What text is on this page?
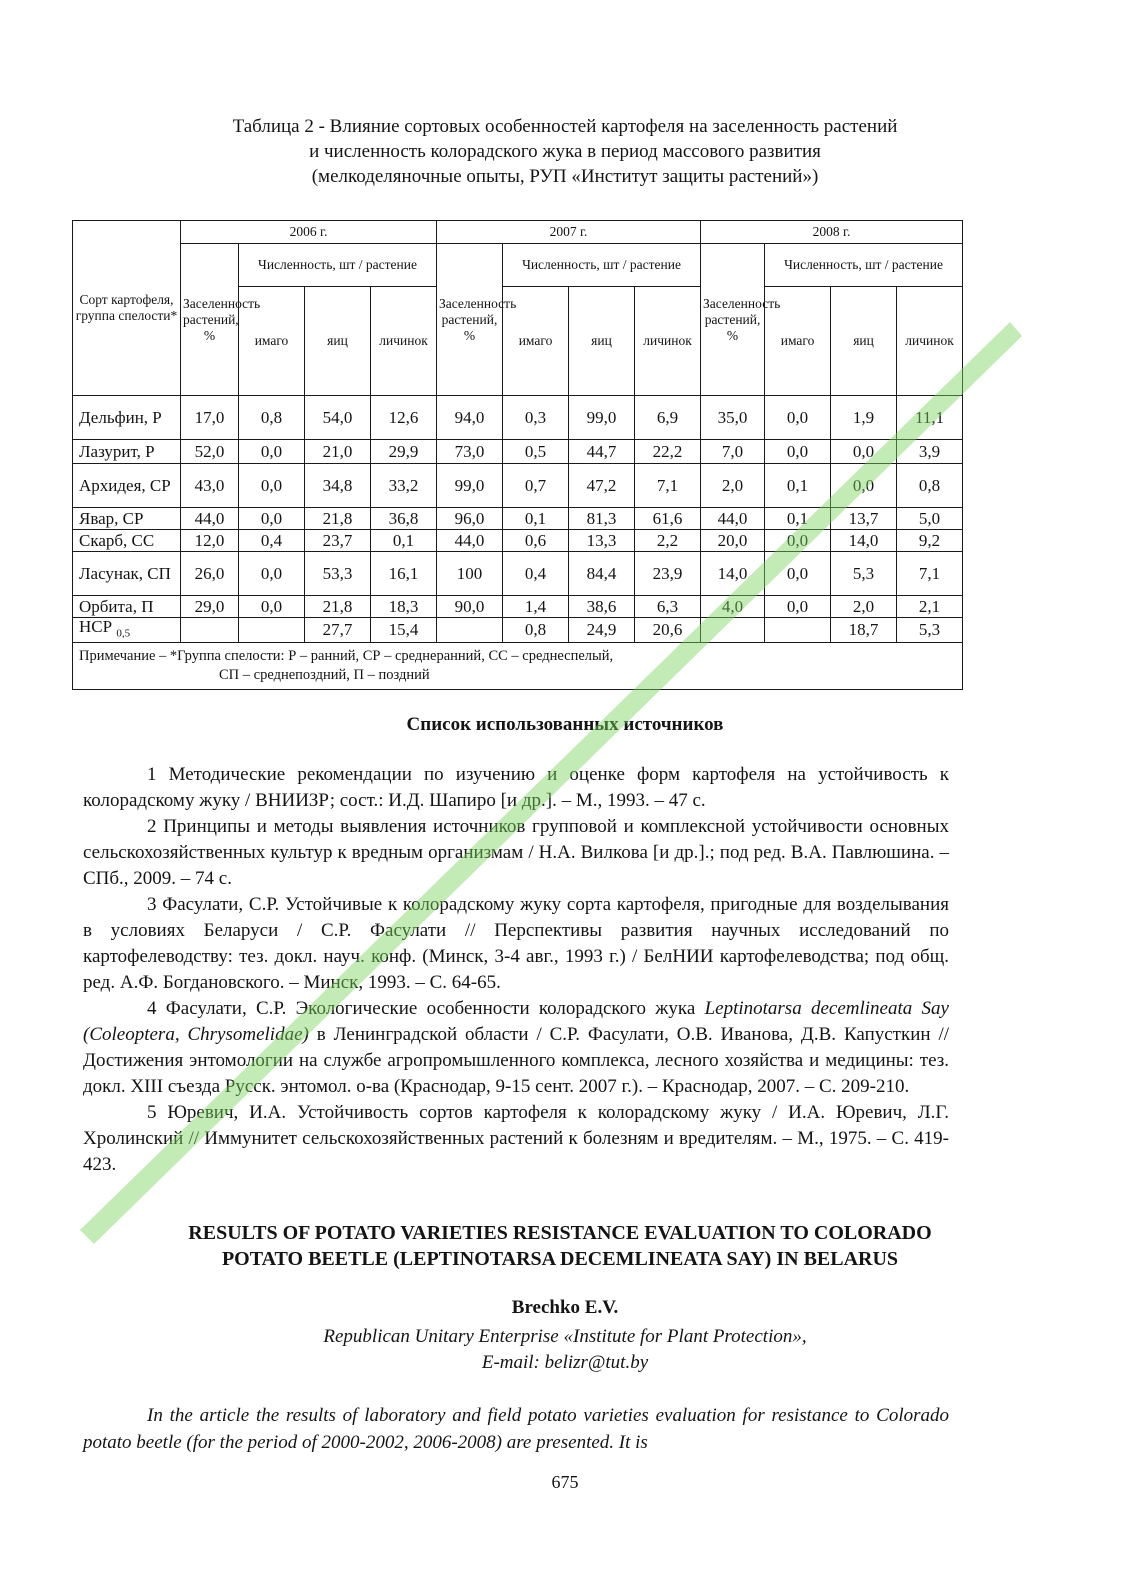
Таблица 2 - Влияние сортовых особенностей картофеля на заселенность растений
и численность колорадского жука в период массового развития
(мелкоделяночные опыты, РУП «Институт защиты растений»)
Сорт картофеля, группа спелости*	2006 г.				2007 г.				2008 г.			
	Заселенность растений, %	Численность, шт / растение			Заселенность растений, %	Численность, шт / растение			Заселенность растений, %	Численность, шт / растение		
		имаго	яиц	личинок		имаго	яиц	личинок		имаго	яиц	личинок
Дельфин, Р	17,0	0,8	54,0	12,6	94,0	0,3	99,0	6,9	35,0	0,0	1,9	11,1
Лазурит, Р	52,0	0,0	21,0	29,9	73,0	0,5	44,7	22,2	7,0	0,0	0,0	3,9
Архидея, СР	43,0	0,0	34,8	33,2	99,0	0,7	47,2	7,1	2,0	0,1	0,0	0,8
Явар, СР	44,0	0,0	21,8	36,8	96,0	0,1	81,3	61,6	44,0	0,1	13,7	5,0
Скарб, СС	12,0	0,4	23,7	0,1	44,0	0,6	13,3	2,2	20,0	0,0	14,0	9,2
Ласунак, СП	26,0	0,0	53,3	16,1	100	0,4	84,4	23,9	14,0	0,0	5,3	7,1
Орбита, П	29,0	0,0	21,8	18,3	90,0	1,4	38,6	6,3	4,0	0,0	2,0	2,1
НСР $_{0,5}$			27,7	15,4		0,8	24,9	20,6			18,7	5,3

Примечание – *Группа спелости: Р – ранний, СР – среднеранний, СС – среднеспелый,
СП – среднепоздний, П – поздний												
Список использованных источников

1 Методические рекомендации по изучению и оценке форм картофеля на устойчивость к колорадскому жуку / ВНИИЗР; сост.: И.Д. Шапиро [и др.]. – М., 1993. – 47 с.

2 Принципы и методы выявления источников групповой и комплексной устойчивости основных сельскохозяйственных культур к вредным организмам / Н.А. Вилкова [и др.].; под ред. В.А. Павлюшина. – СПб., 2009. – 74 с.

3 Фасулати, С.Р. Устойчивые к колорадскому жуку сорта картофеля, пригодные для возделывания в условиях Беларуси / С.Р. Фасулати // Перспективы развития научных исследований по картофелеводству: тез. докл. науч. конф. (Минск, 3-4 авг., 1993 г.) / БелНИИ картофелеводства; под общ. ред. А.Ф. Богдановского. – Минск, 1993. – С. 64-65.

4 Фасулати, С.Р. Экологические особенности колорадского жука Leptinotarsa decemlineata Say (Coleoptera, Chrysomelidae) в Ленинградской области / С.Р. Фасулати, О.В. Иванова, Д.В. Капусткин // Достижения энтомологии на службе агропромышленного комплекса, лесного хозяйства и медицины: тез. докл. XIII съезда Русск. энтомол. о-ва (Краснодар, 9-15 сент. 2007 г.). – Краснодар, 2007. – С. 209-210.

5 Юревич, И.А. Устойчивость сортов картофеля к колорадскому жуку / И.А. Юревич, Л.Г. Хролинский // Иммунитет сельскохозяйственных растений к болезням и вредителям. – М., 1975. – С. 419-423.

RESULTS OF POTATO VARIETIES RESISTANCE EVALUATION TO COLORADO
POTATO BEETLE (LEPTINOTARSA DECEMLINEATA SAY) IN BELARUS
Brechko E.V.
Republican Unitary Enterprise «Institute for Plant Protection»,
E-mail: belizr@tut.by

In the article the results of laboratory and field potato varieties evaluation for resistance to Colorado potato beetle (for the period of 2000-2002, 2006-2008) are presented. It is

675
